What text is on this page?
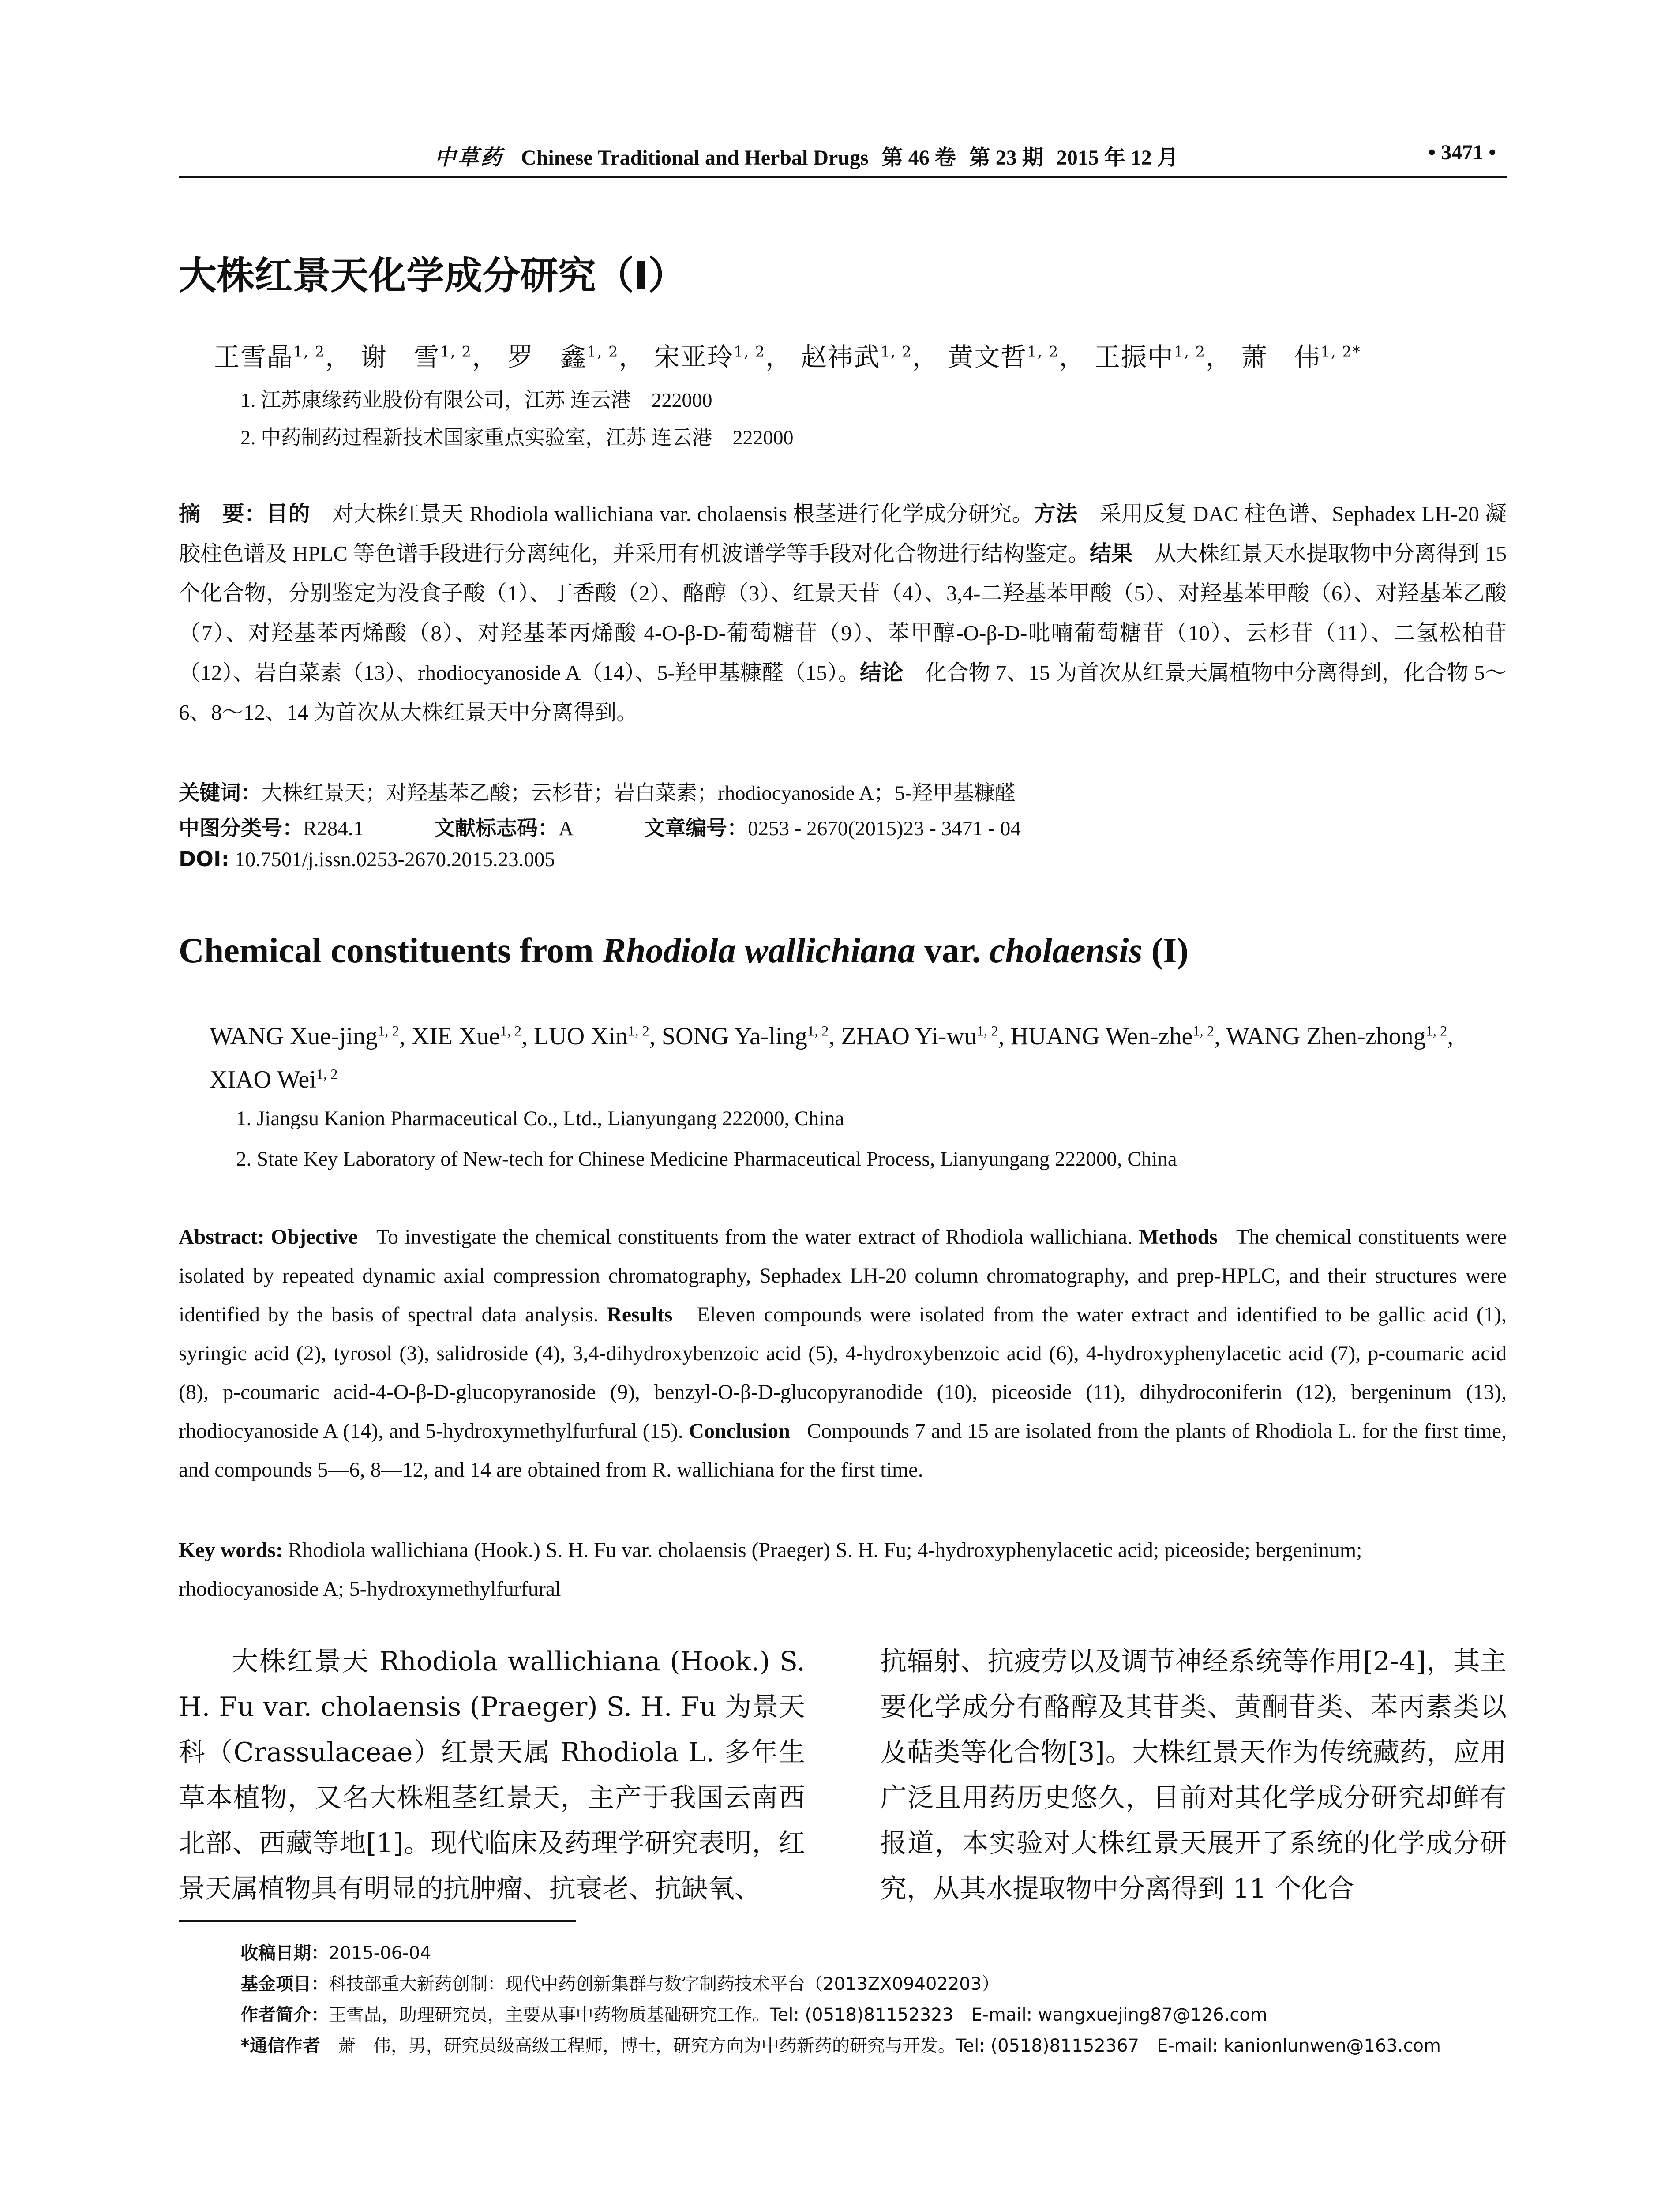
中草药 Chinese Traditional and Herbal Drugs 第 46 卷 第 23 期 2015 年 12 月	• 3471 •
大株红景天化学成分研究（I）
王雪晶$^{1, 2}$， 谢　雪$^{1, 2}$， 罗　鑫$^{1, 2}$， 宋亚玲$^{1, 2}$， 赵祎武$^{1, 2}$， 黄文哲$^{1, 2}$， 王振中$^{1, 2}$， 萧　伟$^{1, 2*}$
1. 江苏康缘药业股份有限公司，江苏 连云港　222000
2. 中药制药过程新技术国家重点实验室，江苏 连云港　222000
摘　要：目的　 对大株红景天 Rhodiola wallichiana var. cholaensis 根茎进行化学成分研究。方法　 采用反复 DAC 柱色谱、Sephadex LH-20 凝胶柱色谱及 HPLC 等色谱手段进行分离纯化，并采用有机波谱学等手段对化合物进行结构鉴定。结果　 从大株红景天水提取物中分离得到 15 个化合物，分别鉴定为没食子酸（1）、丁香酸（2）、酪醇（3）、红景天苷（4）、3,4-二羟基苯甲酸（5）、对羟基苯甲酸（6）、对羟基苯乙酸（7）、对羟基苯丙烯酸（8）、对羟基苯丙烯酸 4-O-β-D-葡萄糖苷（9）、苯甲醇-O-β-D-吡喃葡萄糖苷（10）、云杉苷（11）、二氢松柏苷（12）、岩白菜素（13）、rhodiocyanoside A（14）、5-羟甲基糠醛（15）。结论　 化合物 7、15 为首次从红景天属植物中分离得到，化合物 5～6、8～12、14 为首次从大株红景天中分离得到。
关键词：大株红景天；对羟基苯乙酸；云杉苷；岩白菜素；rhodiocyanoside A；5-羟甲基糠醛
中图分类号：R284.1	文献标志码：A	文章编号：0253 - 2670(2015)23 - 3471 - 04
DOI: 10.7501/j.issn.0253-2670.2015.23.005
Chemical constituents from Rhodiola wallichiana var. cholaensis (I)
WANG Xue-jing$^{1, 2}$, XIE Xue$^{1, 2}$, LUO Xin$^{1, 2}$, SONG Ya-ling$^{1, 2}$, ZHAO Yi-wu$^{1, 2}$, HUANG Wen-zhe$^{1, 2}$, WANG Zhen-zhong$^{1, 2}$, XIAO Wei$^{1, 2}$
1. Jiangsu Kanion Pharmaceutical Co., Ltd., Lianyungang 222000, China
2. State Key Laboratory of New-tech for Chinese Medicine Pharmaceutical Process, Lianyungang 222000, China
Abstract: Objective To investigate the chemical constituents from the water extract of Rhodiola wallichiana. Methods The chemical constituents were isolated by repeated dynamic axial compression chromatography, Sephadex LH-20 column chromatography, and prep-HPLC, and their structures were identified by the basis of spectral data analysis. Results Eleven compounds were isolated from the water extract and identified to be gallic acid (1), syringic acid (2), tyrosol (3), salidroside (4), 3,4-dihydroxybenzoic acid (5), 4-hydroxybenzoic acid (6), 4-hydroxyphenylacetic acid (7), p-coumaric acid (8), p-coumaric acid-4-O-β-D-glucopyranoside (9), benzyl-O-β-D-glucopyranodide (10), piceoside (11), dihydroconiferin (12), bergeninum (13), rhodiocyanoside A (14), and 5-hydroxymethylfurfural (15). Conclusion Compounds 7 and 15 are isolated from the plants of Rhodiola L. for the first time, and compounds 5—6, 8—12, and 14 are obtained from R. wallichiana for the first time.
Key words: Rhodiola wallichiana (Hook.) S. H. Fu var. cholaensis (Praeger) S. H. Fu; 4-hydroxyphenylacetic acid; piceoside; bergeninum; rhodiocyanoside A; 5-hydroxymethylfurfural
大株红景天 Rhodiola wallichiana (Hook.) S. H. Fu var. cholaensis (Praeger) S. H. Fu 为景天科（Crassulaceae）红景天属 Rhodiola L. 多年生草本植物，又名大株粗茎红景天，主产于我国云南西北部、西藏等地[1]。现代临床及药理学研究表明，红景天属植物具有明显的抗肿瘤、抗衰老、抗缺氧、
抗辐射、抗疲劳以及调节神经系统等作用[2-4]，其主要化学成分有酪醇及其苷类、黄酮苷类、苯丙素类以及萜类等化合物[3]。大株红景天作为传统藏药，应用广泛且用药历史悠久，目前对其化学成分研究却鲜有报道，本实验对大株红景天展开了系统的化学成分研究，从其水提取物中分离得到 11 个化合
收稿日期：2015-06-04
基金项目：科技部重大新药创制：现代中药创新集群与数字制药技术平台（2013ZX09402203）
作者简介：王雪晶，助理研究员，主要从事中药物质基础研究工作。Tel: (0518)81152323　E-mail: wangxuejing87@126.com
*通信作者　 萧　伟，男，研究员级高级工程师，博士，研究方向为中药新药的研究与开发。Tel: (0518)81152367　E-mail: kanionlunwen@163.com
